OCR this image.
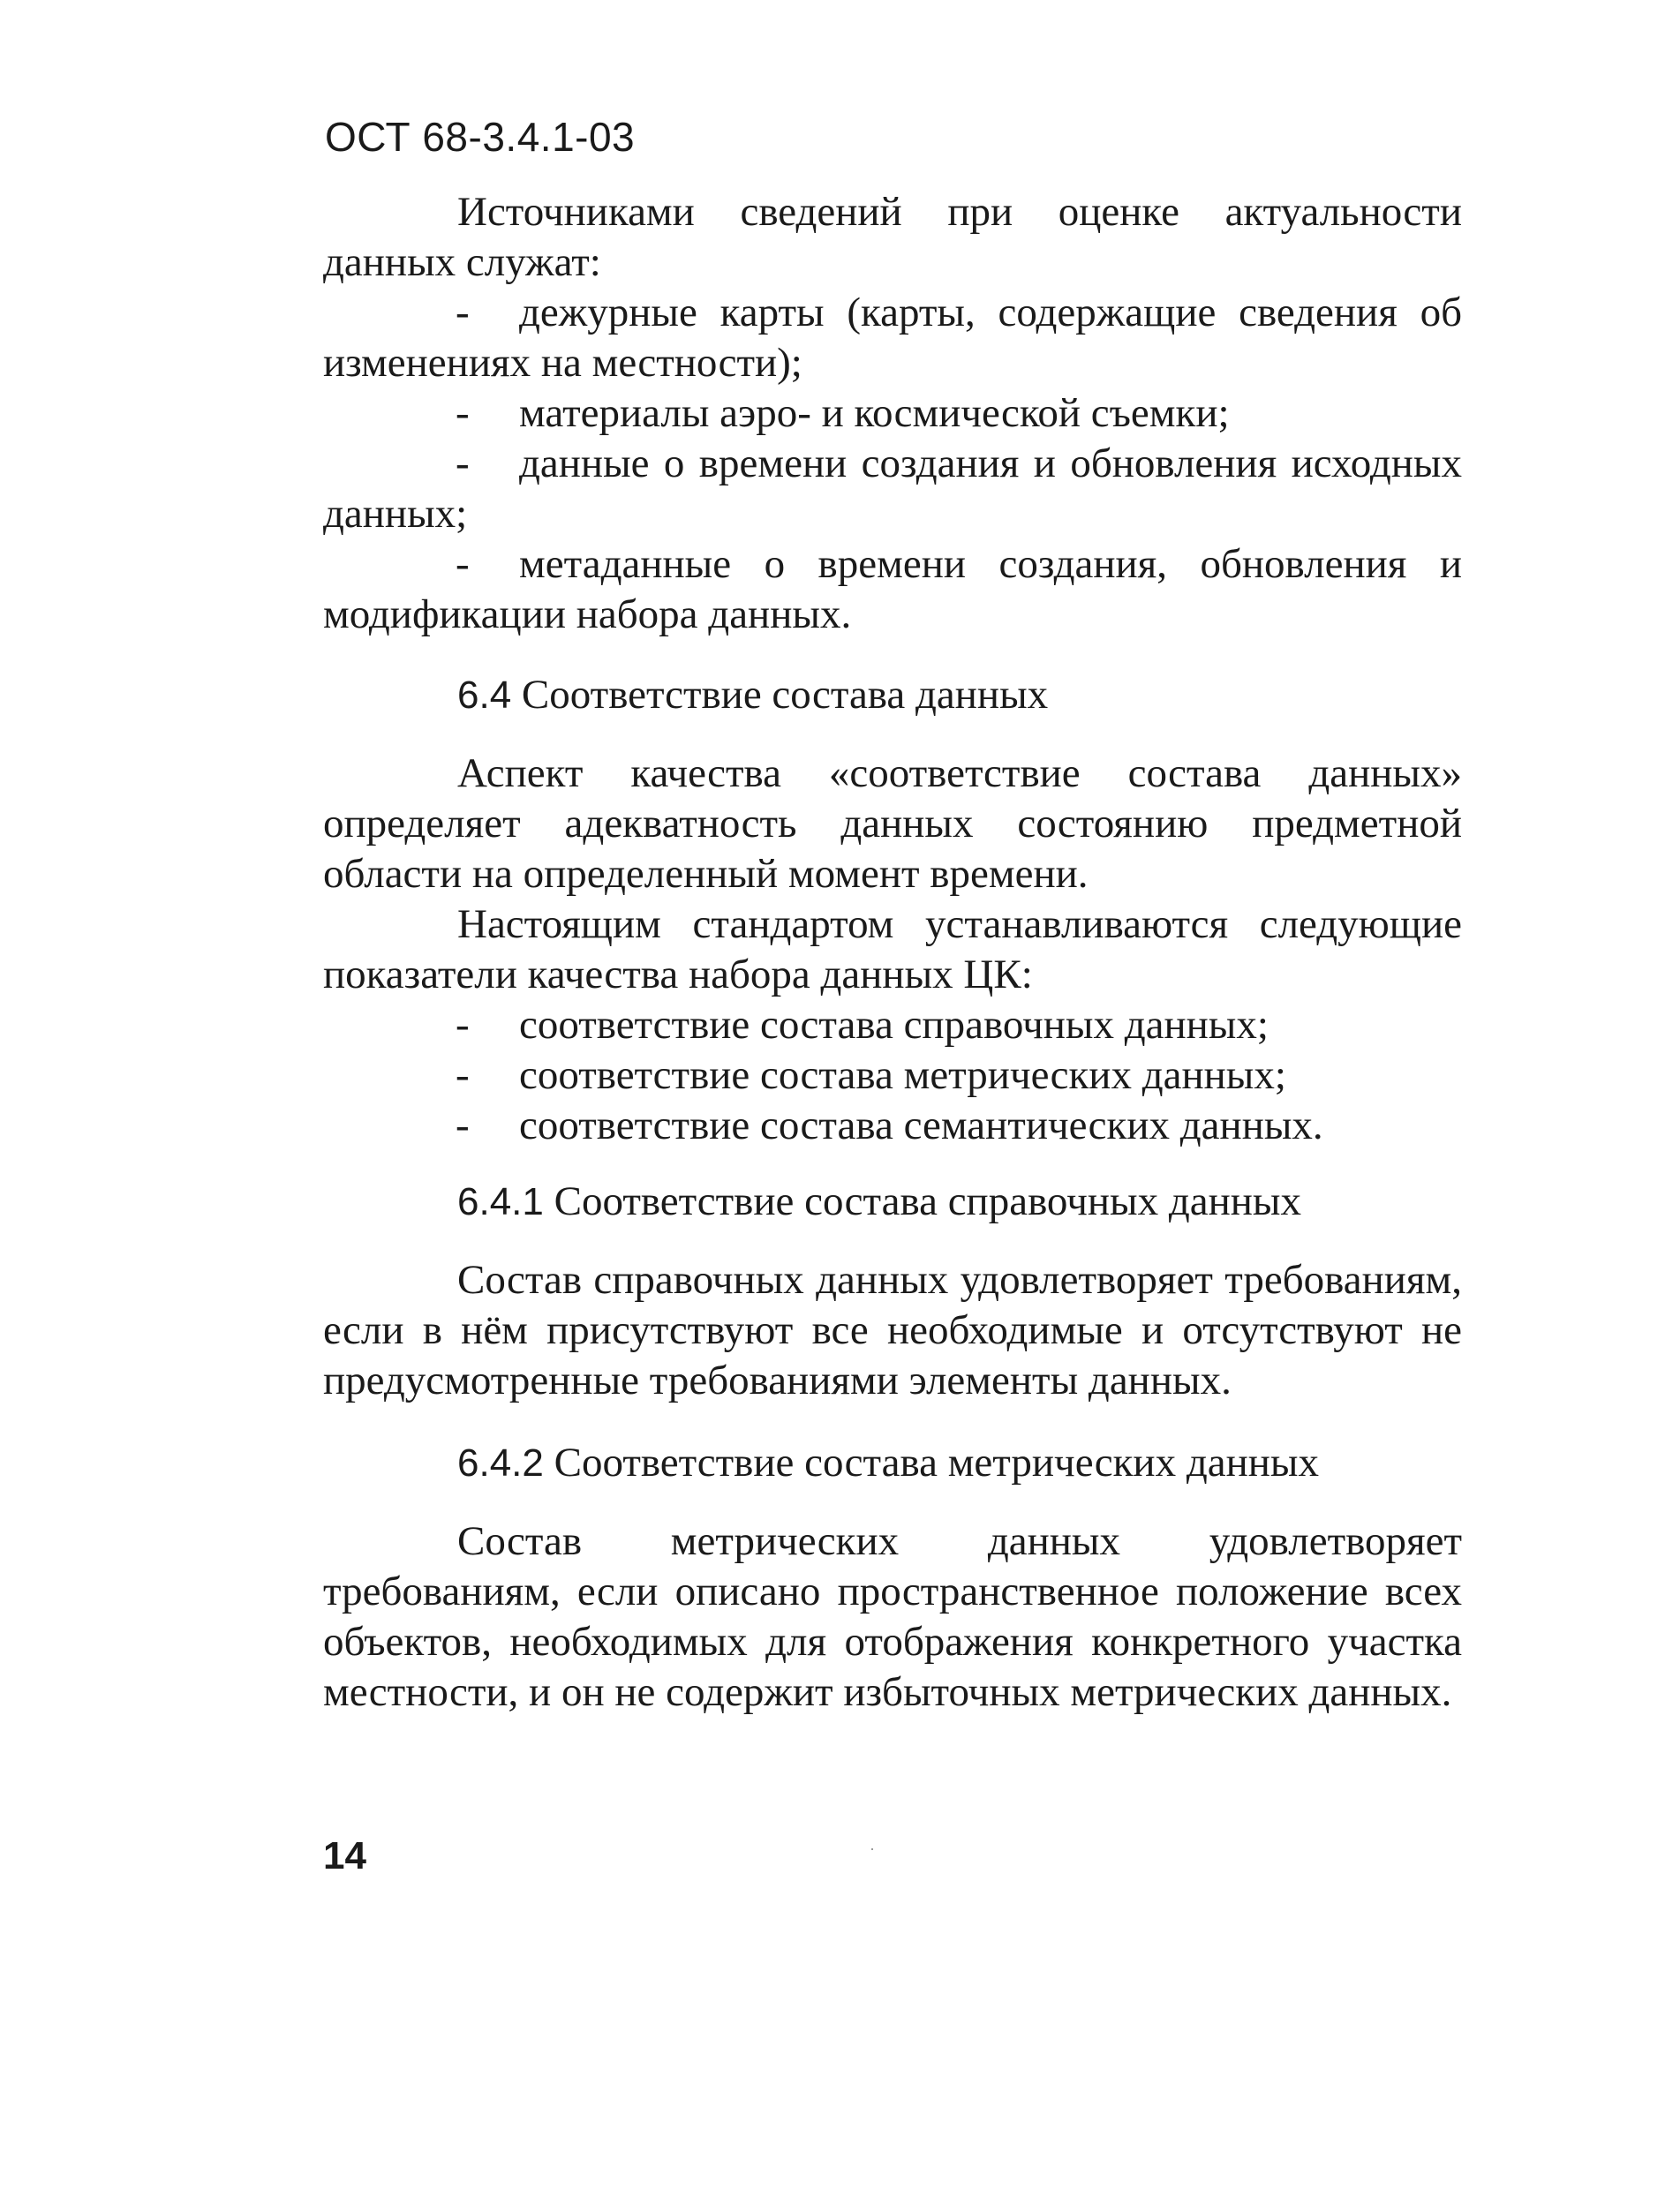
ОСТ 68-3.4.1-03

Источниками сведений при оценке актуальности данных служат:

- дежурные карты (карты, содержащие сведения об изменениях на местности);
- материалы аэро- и космической съемки;
- данные о времени создания и обновления исходных данных;
- метаданные о времени создания, обновления и модификации набора данных.
6.4 Соответствие состава данных

Аспект качества «соответствие состава данных» определяет адекватность данных состоянию предметной области на определенный момент времени.

Настоящим стандартом устанавливаются следующие показатели качества набора данных ЦК:

- соответствие состава справочных данных;
- соответствие состава метрических данных;
- соответствие состава семантических данных.
6.4.1 Соответствие состава справочных данных

Состав справочных данных удовлетворяет требованиям, если в нём присутствуют все необходимые и отсутствуют не предусмотренные требованиями элементы данных.

6.4.2 Соответствие состава метрических данных

Состав метрических данных удовлетворяет требованиям, если описано пространственное положение всех объектов, необходимых для отображения конкретного участка местности, и он не содержит избыточных метрических данных.

14
